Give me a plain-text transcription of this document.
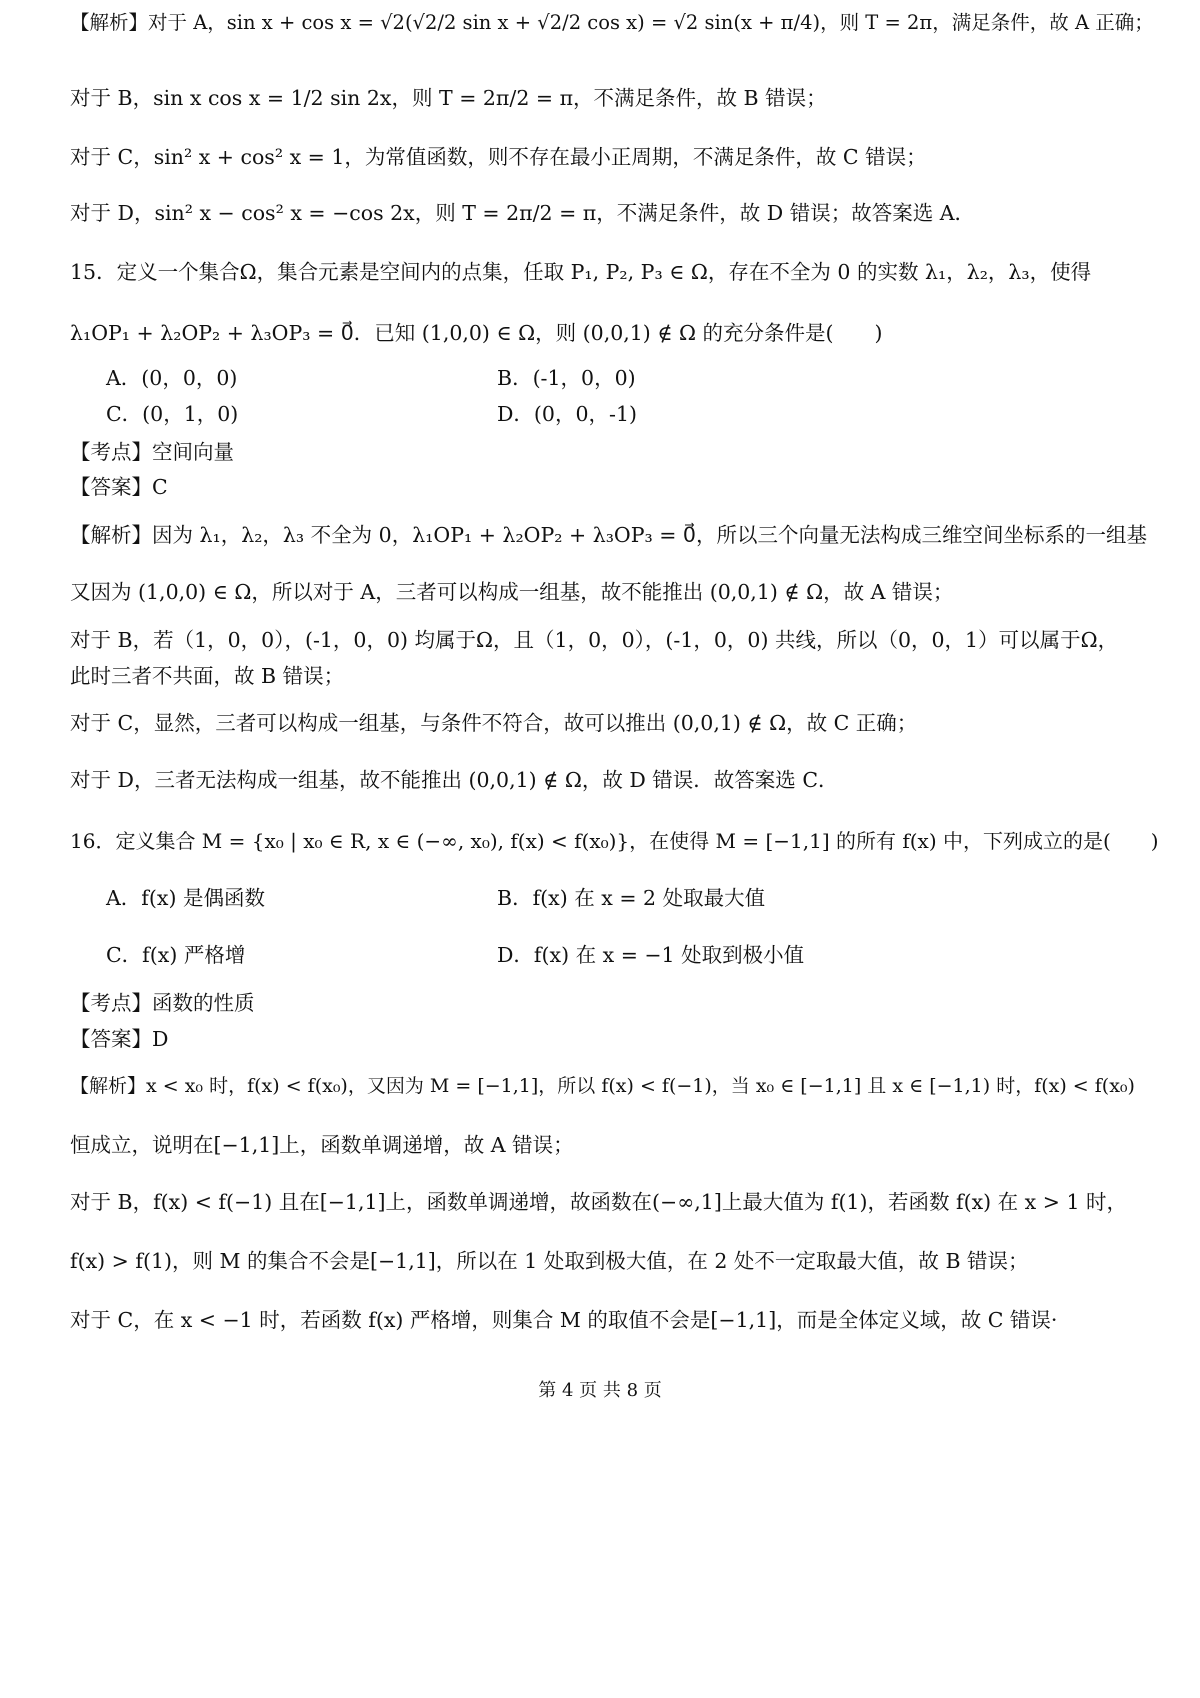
【解析】对于 A，sin x + cos x = √2(√2/2 sin x + √2/2 cos x) = √2 sin(x + π/4)，则 T = 2π，满足条件，故 A 正确；
对于 B，sin x cos x = 1/2 sin 2x，则 T = 2π/2 = π，不满足条件，故 B 错误；
对于 C，sin² x + cos² x = 1，为常值函数，则不存在最小正周期，不满足条件，故 C 错误；
对于 D，sin² x − cos² x = −cos 2x，则 T = 2π/2 = π，不满足条件，故 D 错误；故答案选 A．
15．定义一个集合Ω，集合元素是空间内的点集，任取 P₁, P₂, P₃ ∈ Ω，存在不全为 0 的实数 λ₁，λ₂，λ₃，使得
λ₁OP₁ + λ₂OP₂ + λ₃OP₃ = 0⃗．已知 (1,0,0) ∈ Ω，则 (0,0,1) ∉ Ω 的充分条件是(　　)
A．(0，0，0)	B．(-1，0，0)
C．(0，1，0)	D．(0，0，-1)
【考点】空间向量
【答案】C
【解析】因为 λ₁，λ₂，λ₃ 不全为 0，λ₁OP₁ + λ₂OP₂ + λ₃OP₃ = 0⃗，所以三个向量无法构成三维空间坐标系的一组基
又因为 (1,0,0) ∈ Ω，所以对于 A，三者可以构成一组基，故不能推出 (0,0,1) ∉ Ω，故 A 错误；
对于 B，若（1，0，0），(-1，0，0) 均属于Ω，且（1，0，0），(-1，0，0) 共线，所以（0，0，1）可以属于Ω，
此时三者不共面，故 B 错误；
对于 C，显然，三者可以构成一组基，与条件不符合，故可以推出 (0,0,1) ∉ Ω，故 C 正确；
对于 D，三者无法构成一组基，故不能推出 (0,0,1) ∉ Ω，故 D 错误．故答案选 C．
16．定义集合 M = {x₀ | x₀ ∈ R, x ∈ (−∞, x₀), f(x) < f(x₀)}，在使得 M = [−1,1] 的所有 f(x) 中，下列成立的是(　　)
A．f(x) 是偶函数	B．f(x) 在 x = 2 处取最大值
C．f(x) 严格增	D．f(x) 在 x = −1 处取到极小值
【考点】函数的性质
【答案】D
【解析】x < x₀ 时，f(x) < f(x₀)，又因为 M = [−1,1]，所以 f(x) < f(−1)，当 x₀ ∈ [−1,1] 且 x ∈ [−1,1) 时，f(x) < f(x₀)
恒成立，说明在[−1,1]上，函数单调递增，故 A 错误；
对于 B，f(x) < f(−1) 且在[−1,1]上，函数单调递增，故函数在(−∞,1]上最大值为 f(1)，若函数 f(x) 在 x > 1 时，
f(x) > f(1)，则 M 的集合不会是[−1,1]，所以在 1 处取到极大值，在 2 处不一定取最大值，故 B 错误；
对于 C，在 x < −1 时，若函数 f(x) 严格增，则集合 M 的取值不会是[−1,1]，而是全体定义域，故 C 错误·
第 4 页 共 8 页
